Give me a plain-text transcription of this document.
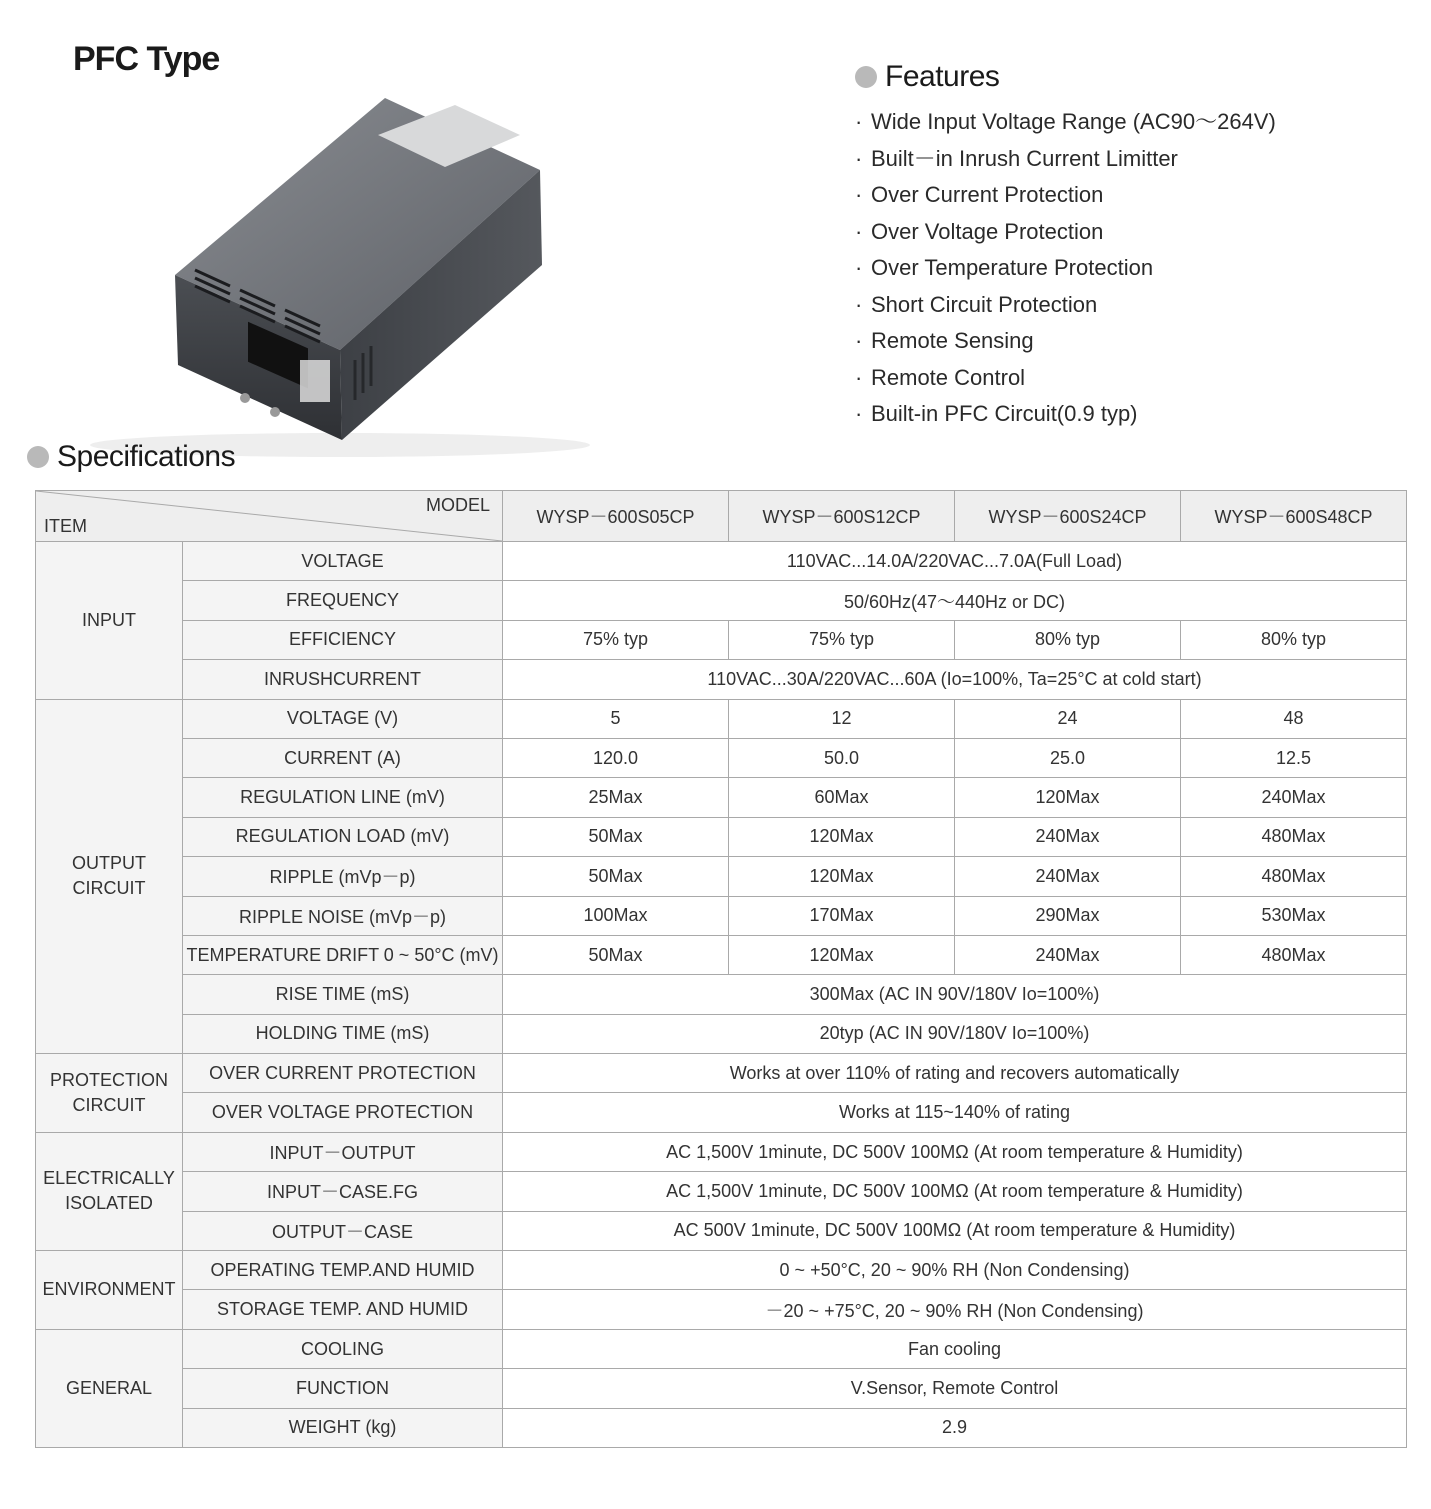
PFC Type	Features
· Wide Input Voltage Range (AC90～264V)
· Built－in Inrush Current Limitter
· Over Current Protection
· Over Voltage Protection
· Over Temperature Protection
· Short Circuit Protection
· Remote Sensing
· Remote Control
· Built-in PFC Circuit(0.9 typ)
Specifications
MODEL
ITEM		WYSP－600S05CP	WYSP－600S12CP	WYSP－600S24CP	WYSP－600S48CP

INPUT	VOLTAGE	110VAC...14.0A/220VAC...7.0A(Full Load)			
	FREQUENCY	50/60Hz(47～440Hz or DC)			
	EFFICIENCY	75% typ	75% typ	80% typ	80% typ
	INRUSHCURRENT	110VAC...30A/220VAC...60A (Io=100%, Ta=25°C at cold start)			

OUTPUT
CIRCUIT	VOLTAGE (V)	5	12	24	48
	CURRENT (A)	120.0	50.0	25.0	12.5
	REGULATION LINE (mV)	25Max	60Max	120Max	240Max
	REGULATION LOAD (mV)	50Max	120Max	240Max	480Max
	RIPPLE (mVp－p)	50Max	120Max	240Max	480Max
	RIPPLE NOISE (mVp－p)	100Max	170Max	290Max	530Max
	TEMPERATURE DRIFT 0 ~ 50°C (mV)	50Max	120Max	240Max	480Max
	RISE TIME (mS)	300Max (AC IN 90V/180V Io=100%)			
	HOLDING TIME (mS)	20typ (AC IN 90V/180V Io=100%)			

PROTECTION
CIRCUIT	OVER CURRENT PROTECTION	Works at over 110% of rating and recovers automatically			
	OVER VOLTAGE PROTECTION	Works at 115~140% of rating			

ELECTRICALLY
ISOLATED	INPUT－OUTPUT	AC 1,500V 1minute, DC 500V 100MΩ (At room temperature & Humidity)			
	INPUT－CASE.FG	AC 1,500V 1minute, DC 500V 100MΩ (At room temperature & Humidity)			
	OUTPUT－CASE	AC 500V 1minute, DC 500V 100MΩ (At room temperature & Humidity)			

ENVIRONMENT	OPERATING TEMP.AND HUMID	0 ~ +50°C, 20 ~ 90% RH (Non Condensing)			
	STORAGE TEMP. AND HUMID	－20 ~ +75°C, 20 ~ 90% RH (Non Condensing)			

GENERAL	COOLING	Fan cooling			
	FUNCTION	V.Sensor, Remote Control			
	WEIGHT (kg)	2.9			
